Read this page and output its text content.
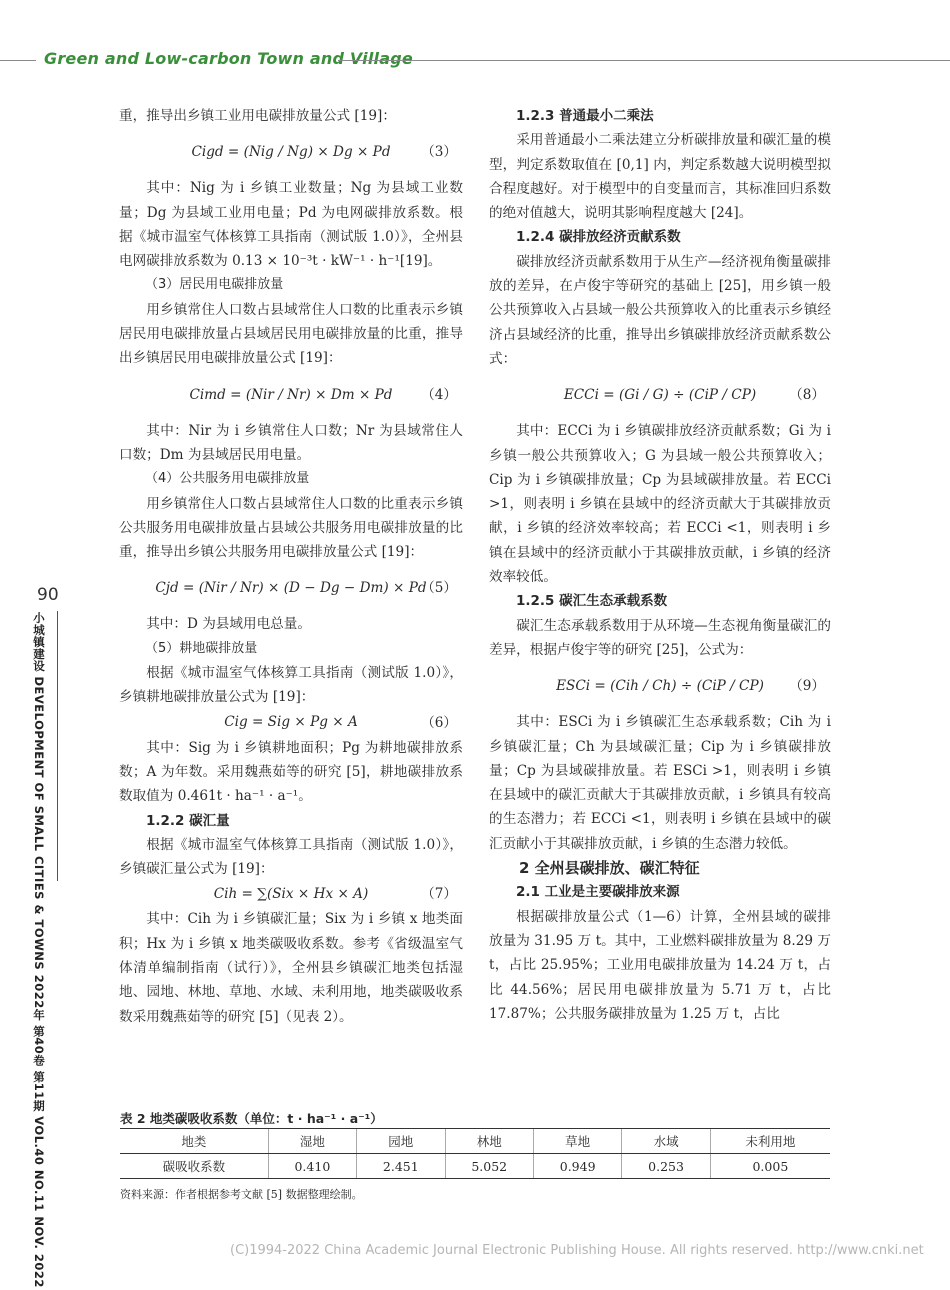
Green and Low-carbon Town and Village
90
小城镇建设 DEVELOPMENT OF SMALL CITIES & TOWNS 2022年 第40卷 第11期 VOL.40 NO.11 NOV. 2022

重，推导出乡镇工业用电碳排放量公式 [19]：

Cigd = (Nig / Ng) × Dg × Pd （3）

其中：Nig 为 i 乡镇工业数量；Ng 为县域工业数量；Dg 为县域工业用电量；Pd 为电网碳排放系数。根据《城市温室气体核算工具指南（测试版 1.0）》，全州县电网碳排放系数为 0.13 × 10⁻³t · kW⁻¹ · h⁻¹[19]。

（3）居民用电碳排放量

用乡镇常住人口数占县域常住人口数的比重表示乡镇居民用电碳排放量占县域居民用电碳排放量的比重，推导出乡镇居民用电碳排放量公式 [19]：

Cimd = (Nir / Nr) × Dm × Pd （4）

其中：Nir 为 i 乡镇常住人口数；Nr 为县域常住人口数；Dm 为县域居民用电量。

（4）公共服务用电碳排放量

用乡镇常住人口数占县域常住人口数的比重表示乡镇公共服务用电碳排放量占县域公共服务用电碳排放量的比重，推导出乡镇公共服务用电碳排放量公式 [19]：

Cjd = (Nir / Nr) × (D − Dg − Dm) × Pd
（5）

其中：D 为县域用电总量。

（5）耕地碳排放量

根据《城市温室气体核算工具指南（测试版 1.0）》，乡镇耕地碳排放量公式为 [19]：

Cig = Sig × Pg × A	（6）

其中：Sig 为 i 乡镇耕地面积；Pg 为耕地碳排放系数；A 为年数。采用魏燕茹等的研究 [5]，耕地碳排放系数取值为 0.461t · ha⁻¹ · a⁻¹。

1.2.2 碳汇量

根据《城市温室气体核算工具指南（测试版 1.0）》，乡镇碳汇量公式为 [19]：

Cih = ∑(Six × Hx × A)	（7）

其中：Cih 为 i 乡镇碳汇量；Six 为 i 乡镇 x 地类面积；Hx 为 i 乡镇 x 地类碳吸收系数。参考《省级温室气体清单编制指南（试行）》，全州县乡镇碳汇地类包括湿地、园地、林地、草地、水域、未利用地，地类碳吸收系数采用魏燕茹等的研究 [5]（见表 2）。

1.2.3 普通最小二乘法

采用普通最小二乘法建立分析碳排放量和碳汇量的模型，判定系数取值在 [0,1] 内，判定系数越大说明模型拟合程度越好。对于模型中的自变量而言，其标准回归系数的绝对值越大，说明其影响程度越大 [24]。

1.2.4 碳排放经济贡献系数

碳排放经济贡献系数用于从生产—经济视角衡量碳排放的差异，在卢俊宇等研究的基础上 [25]，用乡镇一般公共预算收入占县域一般公共预算收入的比重表示乡镇经济占县域经济的比重，推导出乡镇碳排放经济贡献系数公式：

ECCi = (Gi / G) ÷ (CiP / CP) （8）

其中：ECCi 为 i 乡镇碳排放经济贡献系数；Gi 为 i 乡镇一般公共预算收入；G 为县域一般公共预算收入；Cip 为 i 乡镇碳排放量；Cp 为县域碳排放量。若 ECCi >1，则表明 i 乡镇在县域中的经济贡献大于其碳排放贡献，i 乡镇的经济效率较高；若 ECCi <1，则表明 i 乡镇在县域中的经济贡献小于其碳排放贡献，i 乡镇的经济效率较低。

1.2.5 碳汇生态承载系数

碳汇生态承载系数用于从环境—生态视角衡量碳汇的差异，根据卢俊宇等的研究 [25]，公式为：

ESCi = (Cih / Ch) ÷ (CiP / CP) （9）

其中：ESCi 为 i 乡镇碳汇生态承载系数；Cih 为 i 乡镇碳汇量；Ch 为县域碳汇量；Cip 为 i 乡镇碳排放量；Cp 为县域碳排放量。若 ESCi >1，则表明 i 乡镇在县域中的碳汇贡献大于其碳排放贡献，i 乡镇具有较高的生态潜力；若 ECCi <1，则表明 i 乡镇在县域中的碳汇贡献小于其碳排放贡献，i 乡镇的生态潜力较低。

2 全州县碳排放、碳汇特征

2.1 工业是主要碳排放来源

根据碳排放量公式（1—6）计算，全州县域的碳排放量为 31.95 万 t。其中，工业燃料碳排放量为 8.29 万 t，占比 25.95%；工业用电碳排放量为 14.24 万 t，占比 44.56%；居民用电碳排放量为 5.71 万 t，占比 17.87%；公共服务碳排放量为 1.25 万 t，占比

表 2 地类碳吸收系数（单位：t · ha⁻¹ · a⁻¹）
地类	湿地	园地	林地	草地	水域	未利用地
碳吸收系数	0.410	2.451	5.052	0.949	0.253	0.005
资料来源：作者根据参考文献 [5] 数据整理绘制。
(C)1994-2022 China Academic Journal Electronic Publishing House. All rights reserved. http://www.cnki.net
